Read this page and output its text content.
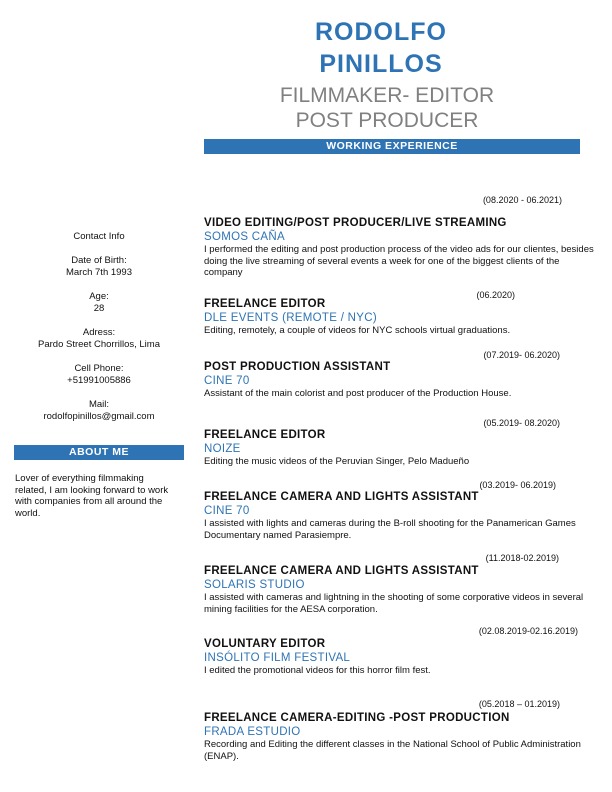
RODOLFO
PINILLOS
FILMMAKER- EDITOR
POST PRODUCER
WORKING EXPERIENCE
Contact Info
Date of Birth:
March 7th 1993
Age:
28
Adress:
Pardo Street Chorrillos, Lima
Cell Phone:
+51991005886
Mail:
rodolfopinillos@gmail.com
ABOUT ME
Lover of everything filmmaking related, I am looking forward to work with companies from all around the world.
(08.2020 - 06.2021)
VIDEO EDITING/POST PRODUCER/LIVE STREAMING
SOMOS CAÑA
I performed the editing and post production process of the video ads for our clientes, besides doing the live streaming of several events a week for one of the biggest clients of the company
(06.2020)
FREELANCE EDITOR
DLE EVENTS (REMOTE / NYC)
Editing, remotely, a couple of videos for NYC schools virtual graduations.
(07.2019- 06.2020)
POST PRODUCTION ASSISTANT
CINE 70
Assistant of the main colorist and post producer of the Production House.
(05.2019- 08.2020)
FREELANCE EDITOR
NOIZE
Editing the music videos of the Peruvian Singer, Pelo Madueño
(03.2019- 06.2019)
FREELANCE CAMERA AND LIGHTS ASSISTANT
CINE 70
I assisted with lights and cameras during the B-roll shooting for the Panamerican Games Documentary named Parasiempre.
(11.2018-02.2019)
FREELANCE CAMERA AND LIGHTS ASSISTANT
SOLARIS STUDIO
I assisted with cameras and lightning in the shooting of some corporative videos in several mining facilities for the AESA corporation.
(02.08.2019-02.16.2019)
VOLUNTARY EDITOR
INSÓLITO FILM FESTIVAL
I edited the promotional videos for this horror film fest.
(05.2018 – 01.2019)
FREELANCE CAMERA-EDITING -POST PRODUCTION
FRADA ESTUDIO
Recording and Editing the different classes in the National School of Public Administration (ENAP).
